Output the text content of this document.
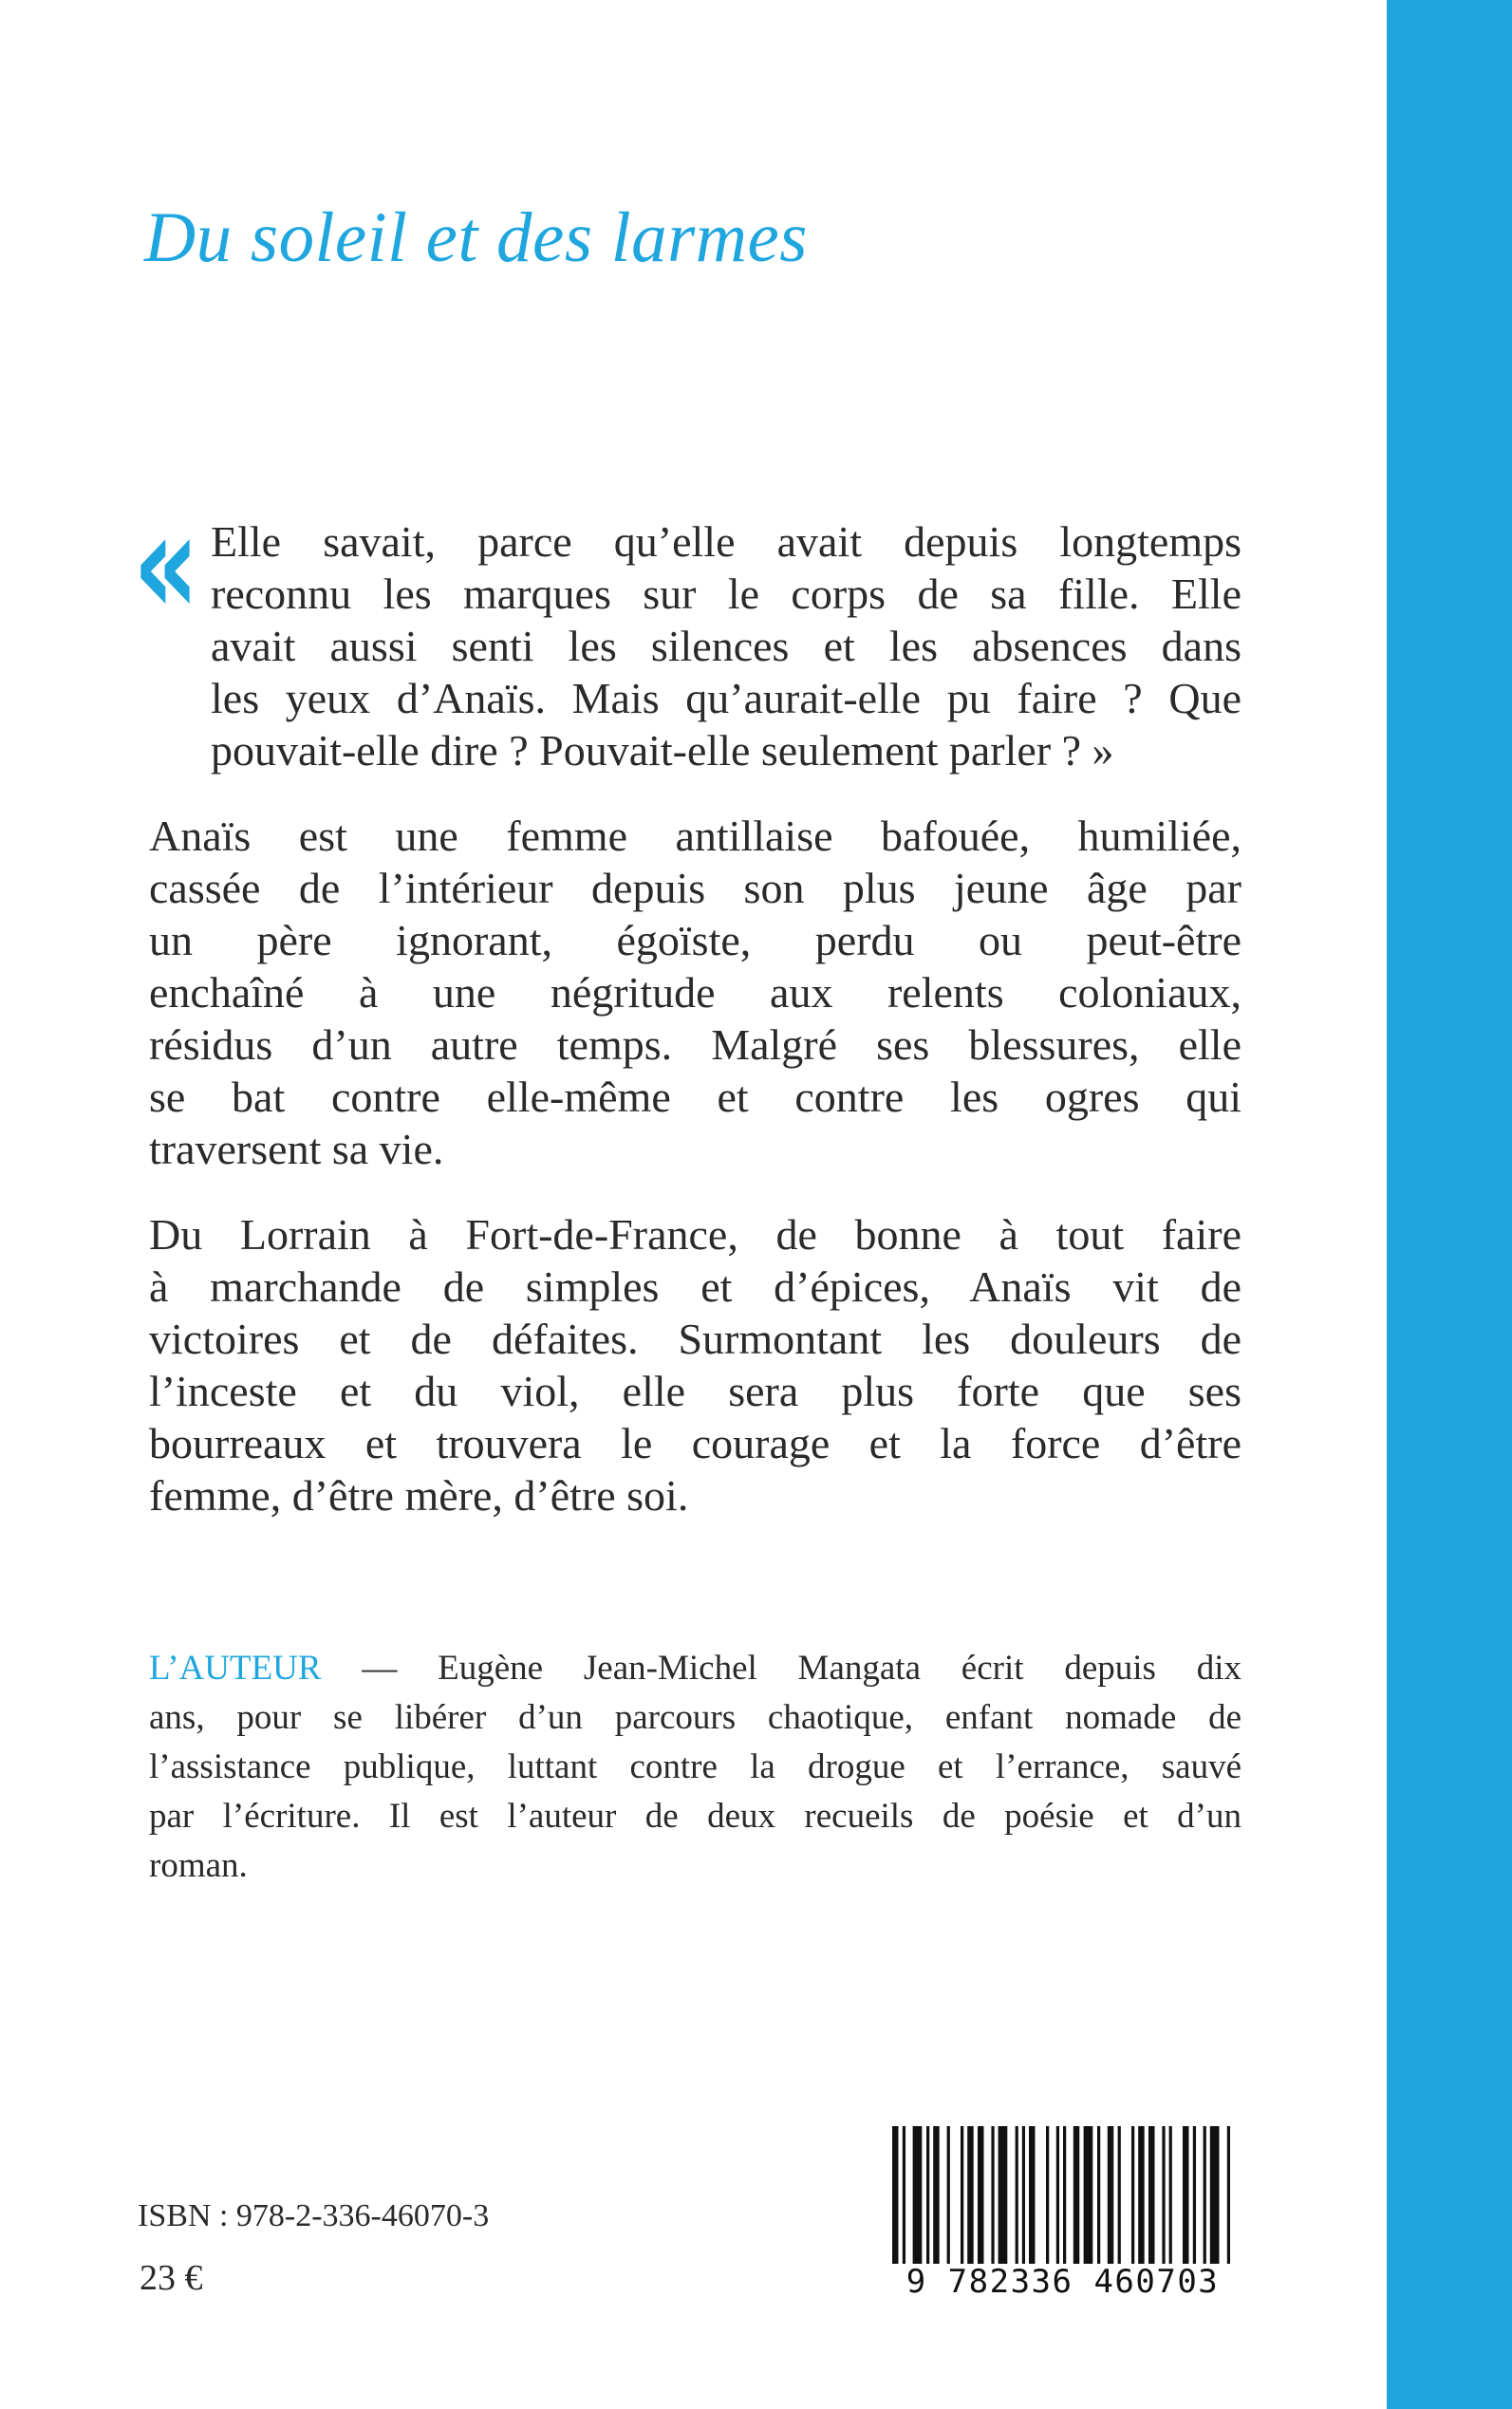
Du soleil et des larmes
« Elle savait, parce qu’elle avait depuis longtemps
reconnu les marques sur le corps de sa fille. Elle
avait aussi senti les silences et les absences dans
les yeux d’Anaïs. Mais qu’aurait-elle pu faire ? Que
pouvait-elle dire ? Pouvait-elle seulement parler ? »

Anaïs est une femme antillaise bafouée, humiliée,
cassée de l’intérieur depuis son plus jeune âge par
un père ignorant, égoïste, perdu ou peut-être
enchaîné à une négritude aux relents coloniaux,
résidus d’un autre temps. Malgré ses blessures, elle
se bat contre elle-même et contre les ogres qui
traversent sa vie.

Du Lorrain à Fort-de-France, de bonne à tout faire
à marchande de simples et d’épices, Anaïs vit de
victoires et de défaites. Surmontant les douleurs de
l’inceste et du viol, elle sera plus forte que ses
bourreaux et trouvera le courage et la force d’être
femme, d’être mère, d’être soi.

L’AUTEUR — Eugène Jean-Michel Mangata écrit depuis dix
ans, pour se libérer d’un parcours chaotique, enfant nomade de
l’assistance publique, luttant contre la drogue et l’errance, sauvé
par l’écriture. Il est l’auteur de deux recueils de poésie et d’un
roman.

ISBN : 978-2-336-46070-3
23 €	9 782336 460703
